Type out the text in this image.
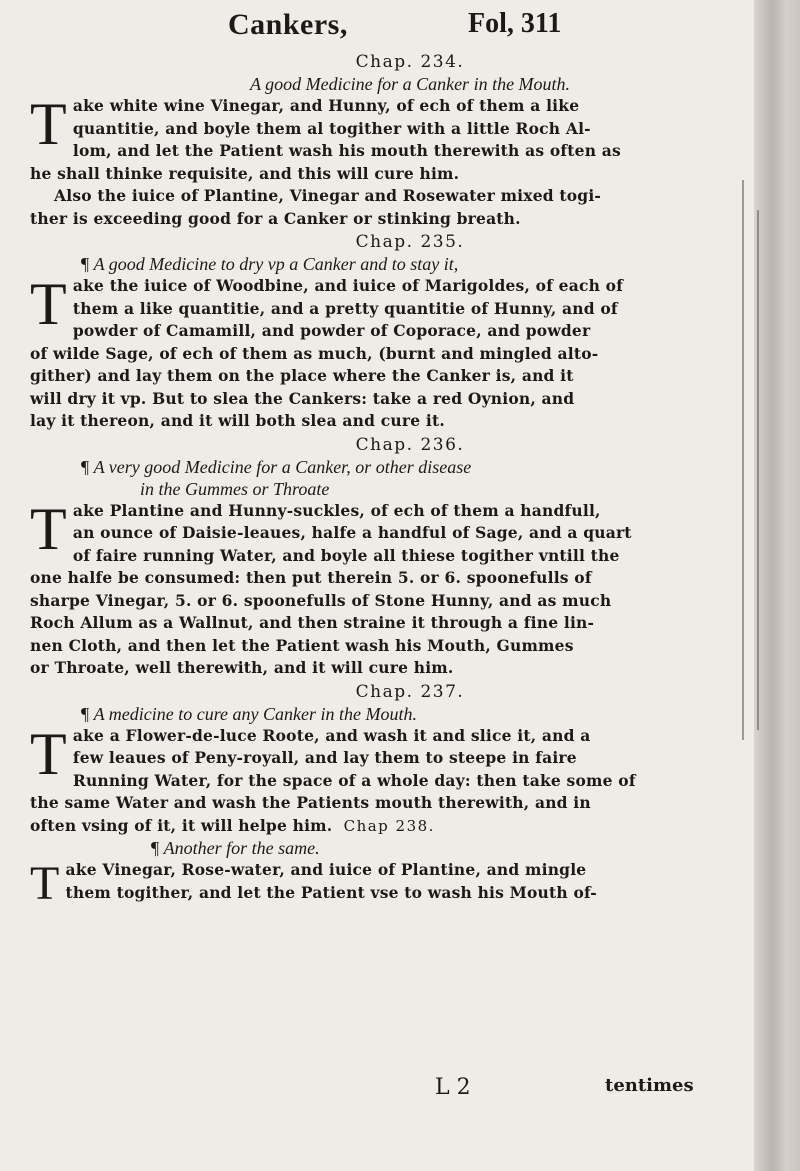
Cankers,	Fol, 311
Chap. 234.
A good Medicine for a Canker in the Mouth.
T ake white wine Vinegar, and Hunny, of ech of them a like

quantitie, and boyle them al togither with a little Roch Al-

lom, and let the Patient wash his mouth therewith as often as

he shall thinke requisite, and this will cure him.

Also the iuice of Plantine, Vinegar and Rosewater mixed togi-

ther is exceeding good for a Canker or stinking breath.

Chap. 235.
¶ A good Medicine to dry vp a Canker and to stay it,
T ake the iuice of Woodbine, and iuice of Marigoldes, of each of

them a like quantitie, and a pretty quantitie of Hunny, and of

powder of Camamill, and powder of Coporace, and powder

of wilde Sage, of ech of them as much, (burnt and mingled alto-

gither) and lay them on the place where the Canker is, and it

will dry it vp. But to slea the Cankers: take a red Oynion, and

lay it thereon, and it will both slea and cure it.

Chap. 236.
¶ A very good Medicine for a Canker, or other disease
in the Gummes or Throate
T ake Plantine and Hunny-suckles, of ech of them a handfull,

an ounce of Daisie-leaues, halfe a handful of Sage, and a quart

of faire running Water, and boyle all thiese togither vntill the

one halfe be consumed: then put therein 5. or 6. spoonefulls of

sharpe Vinegar, 5. or 6. spoonefulls of Stone Hunny, and as much

Roch Allum as a Wallnut, and then straine it through a fine lin-

nen Cloth, and then let the Patient wash his Mouth, Gummes

or Throate, well therewith, and it will cure him.

Chap. 237.
¶ A medicine to cure any Canker in the Mouth.
T ake a Flower-de-luce Roote, and wash it and slice it, and a

few leaues of Peny-royall, and lay them to steepe in faire

Running Water, for the space of a whole day: then take some of

the same Water and wash the Patients mouth therewith, and in

often vsing of it, it will helpe him. Chap 238.

¶ Another for the same.
T ake Vinegar, Rose-water, and iuice of Plantine, and mingle

them togither, and let the Patient vse to wash his Mouth of-

L 2	tentimes
